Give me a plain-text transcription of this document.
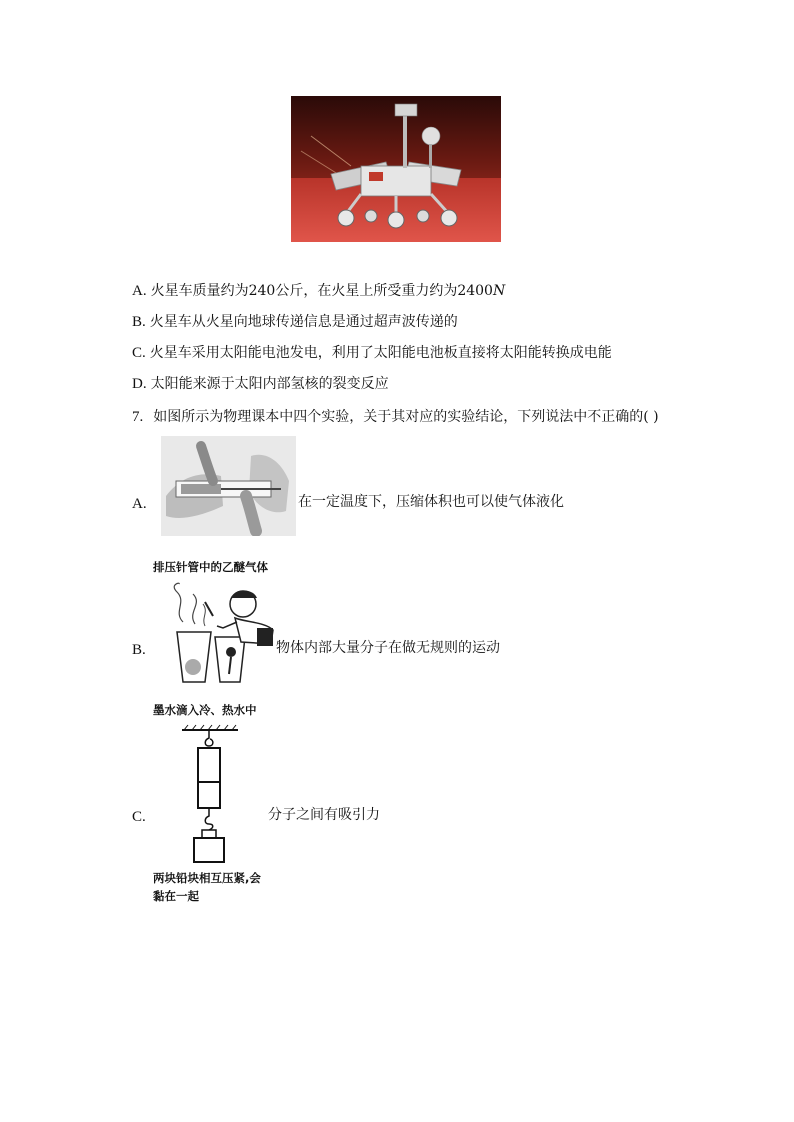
A. 火星车质量约为240公斤，在火星上所受重力约为2400N
B. 火星车从火星向地球传递信息是通过超声波传递的
C. 火星车采用太阳能电池发电，利用了太阳能电池板直接将太阳能转换成电能
D. 太阳能来源于太阳内部氢核的裂变反应
7. 如图所示为物理课本中四个实验，关于其对应的实验结论，下列说法中不正确的( )
A.	在一定温度下，压缩体积也可以使气体液化
排压针管中的乙醚气体
B.	物体内部大量分子在做无规则的运动
墨水滴入冷、热水中
C.	分子之间有吸引力
两块铅块相互压紧,会
黏在一起
